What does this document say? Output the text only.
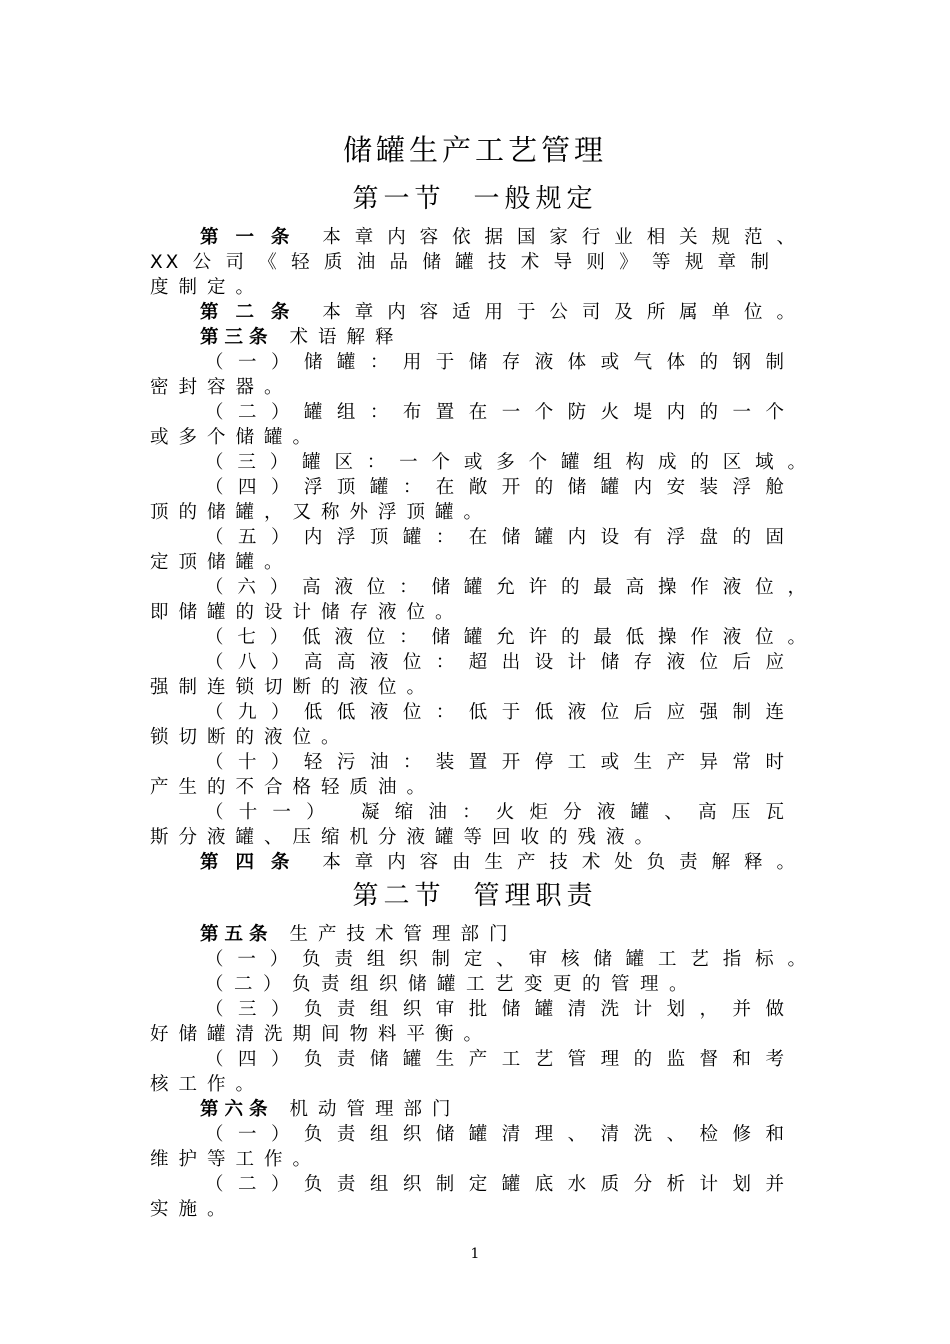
储罐生产工艺管理
第一节 一般规定
第一条 本章内容依据国家行业相关规范、
XX公司《轻质油品储罐技术导则》等规章制
度制定。
第二条 本章内容适用于公司及所属单位。
第三条 术语解释
（一）储罐：用于储存液体或气体的钢制
密封容器。
（二）罐组：布置在一个防火堤内的一个
或多个储罐。
（三）罐区：一个或多个罐组构成的区域。
（四）浮顶罐：在敞开的储罐内安装浮舱
顶的储罐，又称外浮顶罐。
（五）内浮顶罐：在储罐内设有浮盘的固
定顶储罐。
（六）高液位：储罐允许的最高操作液位，
即储罐的设计储存液位。
（七）低液位：储罐允许的最低操作液位。
（八）高高液位：超出设计储存液位后应
强制连锁切断的液位。
（九）低低液位：低于低液位后应强制连
锁切断的液位。
（十）轻污油：装置开停工或生产异常时
产生的不合格轻质油。
（十一） 凝缩油：火炬分液罐、高压瓦
斯分液罐、压缩机分液罐等回收的残液。
第四条 本章内容由生产技术处负责解释。
第二节 管理职责
第五条 生产技术管理部门
（一）负责组织制定、审核储罐工艺指标。
（二）负责组织储罐工艺变更的管理。
（三）负责组织审批储罐清洗计划，并做
好储罐清洗期间物料平衡。
（四）负责储罐生产工艺管理的监督和考
核工作。
第六条 机动管理部门
（一）负责组织储罐清理、清洗、检修和
维护等工作。
（二）负责组织制定罐底水质分析计划并
实施。
1
